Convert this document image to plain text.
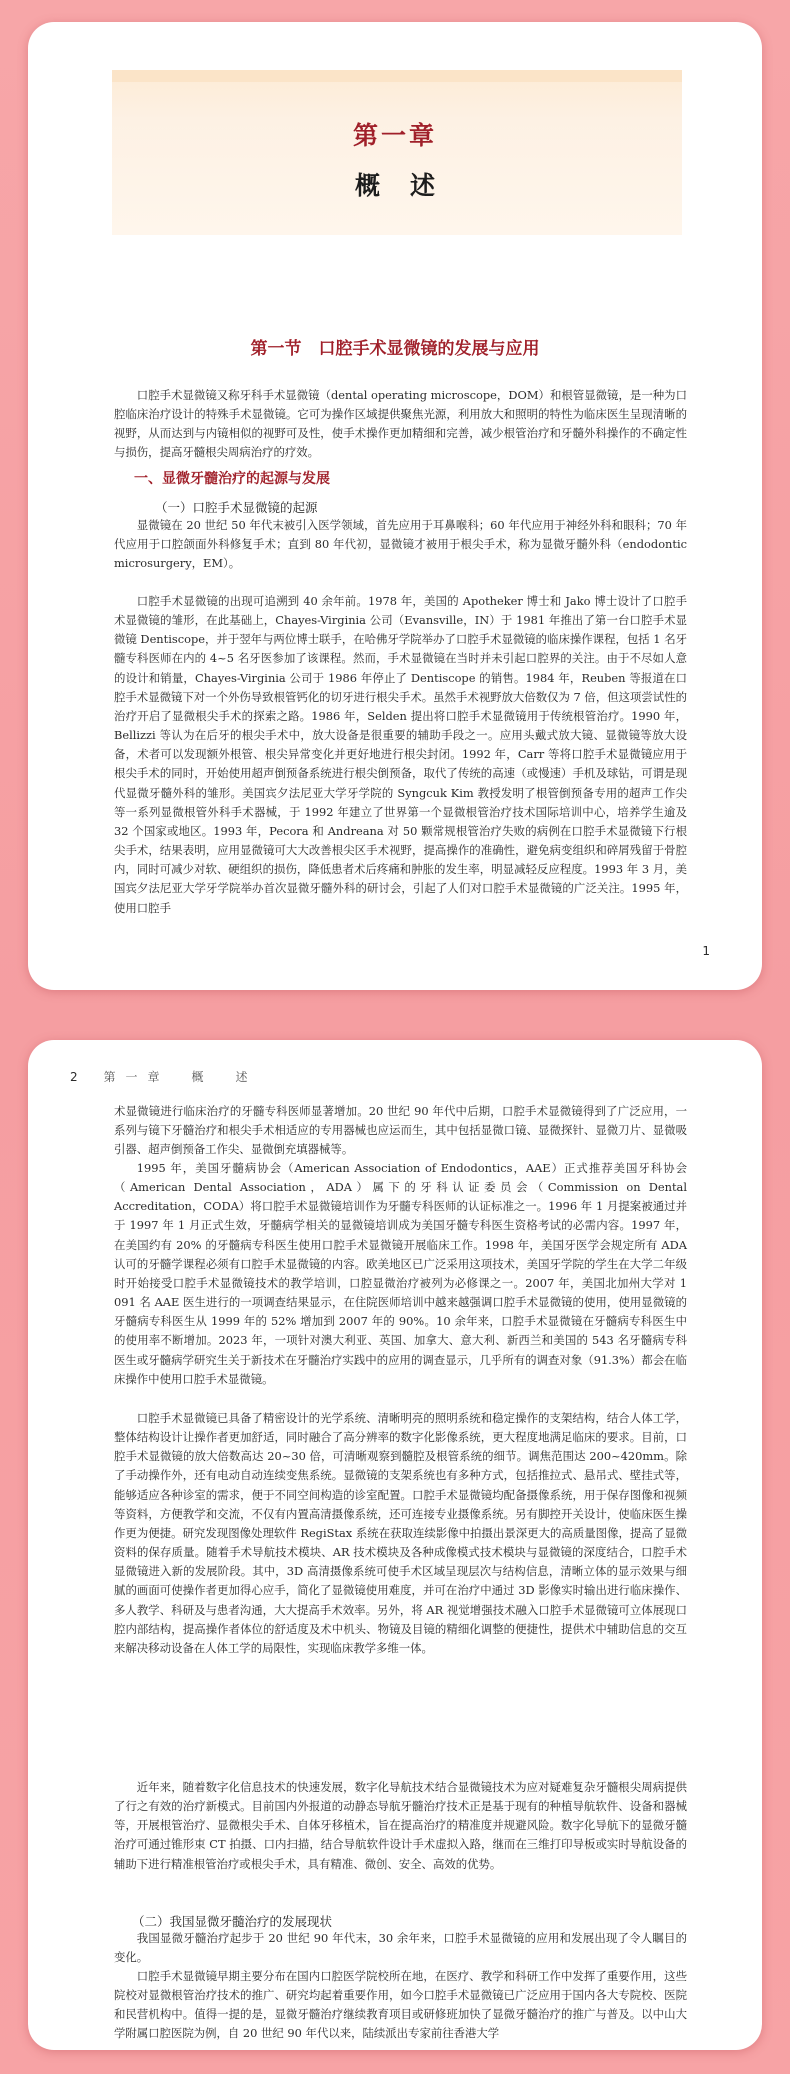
第一章
概述
第一节　口腔手术显微镜的发展与应用

口腔手术显微镜又称牙科手术显微镜（dental operating microscope，DOM）和根管显微镜，是一种为口腔临床治疗设计的特殊手术显微镜。它可为操作区域提供聚焦光源，利用放大和照明的特性为临床医生呈现清晰的视野，从而达到与内镜相似的视野可及性，使手术操作更加精细和完善，减少根管治疗和牙髓外科操作的不确定性与损伤，提高牙髓根尖周病治疗的疗效。

一、显微牙髓治疗的起源与发展
（一）口腔手术显微镜的起源

显微镜在 20 世纪 50 年代末被引入医学领域，首先应用于耳鼻喉科；60 年代应用于神经外科和眼科；70 年代应用于口腔颌面外科修复手术；直到 80 年代初，显微镜才被用于根尖手术，称为显微牙髓外科（endodontic microsurgery，EM）。

口腔手术显微镜的出现可追溯到 40 余年前。1978 年，美国的 Apotheker 博士和 Jako 博士设计了口腔手术显微镜的雏形，在此基础上，Chayes-Virginia 公司（Evansville，IN）于 1981 年推出了第一台口腔手术显微镜 Dentiscope，并于翌年与两位博士联手，在哈佛牙学院举办了口腔手术显微镜的临床操作课程，包括 1 名牙髓专科医师在内的 4~5 名牙医参加了该课程。然而，手术显微镜在当时并未引起口腔界的关注。由于不尽如人意的设计和销量，Chayes-Virginia 公司于 1986 年停止了 Dentiscope 的销售。1984 年，Reuben 等报道在口腔手术显微镜下对一个外伤导致根管钙化的切牙进行根尖手术。虽然手术视野放大倍数仅为 7 倍，但这项尝试性的治疗开启了显微根尖手术的探索之路。1986 年，Selden 提出将口腔手术显微镜用于传统根管治疗。1990 年，Bellizzi 等认为在后牙的根尖手术中，放大设备是很重要的辅助手段之一。应用头戴式放大镜、显微镜等放大设备，术者可以发现额外根管、根尖异常变化并更好地进行根尖封闭。1992 年，Carr 等将口腔手术显微镜应用于根尖手术的同时，开始使用超声倒预备系统进行根尖倒预备，取代了传统的高速（或慢速）手机及球钻，可谓是现代显微牙髓外科的雏形。美国宾夕法尼亚大学牙学院的 Syngcuk Kim 教授发明了根管倒预备专用的超声工作尖等一系列显微根管外科手术器械，于 1992 年建立了世界第一个显微根管治疗技术国际培训中心，培养学生逾及 32 个国家或地区。1993 年，Pecora 和 Andreana 对 50 颗常规根管治疗失败的病例在口腔手术显微镜下行根尖手术，结果表明，应用显微镜可大大改善根尖区手术视野，提高操作的准确性，避免病变组织和碎屑残留于骨腔内，同时可减少对软、硬组织的损伤，降低患者术后疼痛和肿胀的发生率，明显减轻反应程度。1993 年 3 月，美国宾夕法尼亚大学牙学院举办首次显微牙髓外科的研讨会，引起了人们对口腔手术显微镜的广泛关注。1995 年，使用口腔手

1
2 第一章　概　述

术显微镜进行临床治疗的牙髓专科医师显著增加。20 世纪 90 年代中后期，口腔手术显微镜得到了广泛应用，一系列与镜下牙髓治疗和根尖手术相适应的专用器械也应运而生，其中包括显微口镜、显微探针、显微刀片、显微吸引器、超声倒预备工作尖、显微倒充填器械等。

1995 年，美国牙髓病协会（American Association of Endodontics，AAE）正式推荐美国牙科协会（American Dental Association，ADA）属下的牙科认证委员会（Commission on Dental Accreditation，CODA）将口腔手术显微镜培训作为牙髓专科医师的认证标准之一。1996 年 1 月提案被通过并于 1997 年 1 月正式生效，牙髓病学相关的显微镜培训成为美国牙髓专科医生资格考试的必需内容。1997 年，在美国约有 20% 的牙髓病专科医生使用口腔手术显微镜开展临床工作。1998 年，美国牙医学会规定所有 ADA 认可的牙髓学课程必须有口腔手术显微镜的内容。欧美地区已广泛采用这项技术，美国牙学院的学生在大学二年级时开始接受口腔手术显微镜技术的教学培训，口腔显微治疗被列为必修课之一。2007 年，美国北加州大学对 1 091 名 AAE 医生进行的一项调查结果显示，在住院医师培训中越来越强调口腔手术显微镜的使用，使用显微镜的牙髓病专科医生从 1999 年的 52% 增加到 2007 年的 90%。10 余年来，口腔手术显微镜在牙髓病专科医生中的使用率不断增加。2023 年，一项针对澳大利亚、英国、加拿大、意大利、新西兰和美国的 543 名牙髓病专科医生或牙髓病学研究生关于新技术在牙髓治疗实践中的应用的调查显示，几乎所有的调查对象（91.3%）都会在临床操作中使用口腔手术显微镜。

口腔手术显微镜已具备了精密设计的光学系统、清晰明亮的照明系统和稳定操作的支架结构，结合人体工学，整体结构设计让操作者更加舒适，同时融合了高分辨率的数字化影像系统，更大程度地满足临床的要求。目前，口腔手术显微镜的放大倍数高达 20~30 倍，可清晰观察到髓腔及根管系统的细节。调焦范围达 200~420mm。除了手动操作外，还有电动自动连续变焦系统。显微镜的支架系统也有多种方式，包括推拉式、悬吊式、壁挂式等，能够适应各种诊室的需求，便于不同空间构造的诊室配置。口腔手术显微镜均配备摄像系统，用于保存图像和视频等资料，方便教学和交流，不仅有内置高清摄像系统，还可连接专业摄像系统。另有脚控开关设计，使临床医生操作更为便捷。研究发现图像处理软件 RegiStax 系统在获取连续影像中拍摄出景深更大的高质量图像，提高了显微资料的保存质量。随着手术导航技术模块、AR 技术模块及各种成像模式技术模块与显微镜的深度结合，口腔手术显微镜进入新的发展阶段。其中，3D 高清摄像系统可使手术区域呈现层次与结构信息，清晰立体的显示效果与细腻的画面可使操作者更加得心应手，简化了显微镜使用难度，并可在治疗中通过 3D 影像实时输出进行临床操作、多人教学、科研及与患者沟通，大大提高手术效率。另外，将 AR 视觉增强技术融入口腔手术显微镜可立体展现口腔内部结构，提高操作者体位的舒适度及术中机头、物镜及目镜的精细化调整的便捷性，提供术中辅助信息的交互来解决移动设备在人体工学的局限性，实现临床教学多维一体。

近年来，随着数字化信息技术的快速发展，数字化导航技术结合显微镜技术为应对疑难复杂牙髓根尖周病提供了行之有效的治疗新模式。目前国内外报道的动静态导航牙髓治疗技术正是基于现有的种植导航软件、设备和器械等，开展根管治疗、显微根尖手术、自体牙移植术，旨在提高治疗的精准度并规避风险。数字化导航下的显微牙髓治疗可通过锥形束 CT 拍摄、口内扫描，结合导航软件设计手术虚拟入路，继而在三维打印导板或实时导航设备的辅助下进行精准根管治疗或根尖手术，具有精准、微创、安全、高效的优势。

（二）我国显微牙髓治疗的发展现状

我国显微牙髓治疗起步于 20 世纪 90 年代末，30 余年来，口腔手术显微镜的应用和发展出现了令人瞩目的变化。

口腔手术显微镜早期主要分布在国内口腔医学院校所在地，在医疗、教学和科研工作中发挥了重要作用，这些院校对显微根管治疗技术的推广、研究均起着重要作用，如今口腔手术显微镜已广泛应用于国内各大专院校、医院和民营机构中。值得一提的是，显微牙髓治疗继续教育项目或研修班加快了显微牙髓治疗的推广与普及。以中山大学附属口腔医院为例，自 20 世纪 90 年代以来，陆续派出专家前往香港大学
